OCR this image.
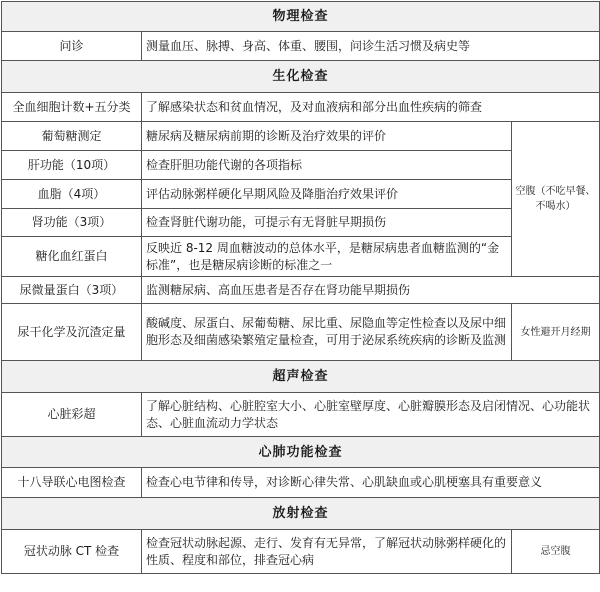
物理检查		
问诊	测量血压、脉搏、身高、体重、腰围，问诊生活习惯及病史等	
生化检查		
全血细胞计数+五分类	了解感染状态和贫血情况，及对血液病和部分出血性疾病的筛查	
葡萄糖测定	糖尿病及糖尿病前期的诊断及治疗效果的评价	空腹（不吃早餐、不喝水）
肝功能（10项）	检查肝胆功能代谢的各项指标	
血脂（4项）	评估动脉粥样硬化早期风险及降脂治疗效果评价	
肾功能（3项）	检查肾脏代谢功能，可提示有无肾脏早期损伤	
糖化血红蛋白	反映近 8-12 周血糖波动的总体水平，是糖尿病患者血糖监测的“金标准”，也是糖尿病诊断的标准之一	
尿微量蛋白（3项）	监测糖尿病、高血压患者是否存在肾功能早期损伤	
尿干化学及沉渣定量	酸碱度、尿蛋白、尿葡萄糖、尿比重、尿隐血等定性检查以及尿中细胞形态及细菌感染繁殖定量检查，可用于泌尿系统疾病的诊断及监测	女性避开月经期
超声检查		
心脏彩超	了解心脏结构、心脏腔室大小、心脏室壁厚度、心脏瓣膜形态及启闭情况、心功能状态、心脏血流动力学状态	
心肺功能检查		
十八导联心电图检查	检查心电节律和传导，对诊断心律失常、心肌缺血或心肌梗塞具有重要意义	
放射检查		
冠状动脉 CT 检查	检查冠状动脉起源、走行、发育有无异常，了解冠状动脉粥样硬化的性质、程度和部位，排查冠心病	忌空腹
